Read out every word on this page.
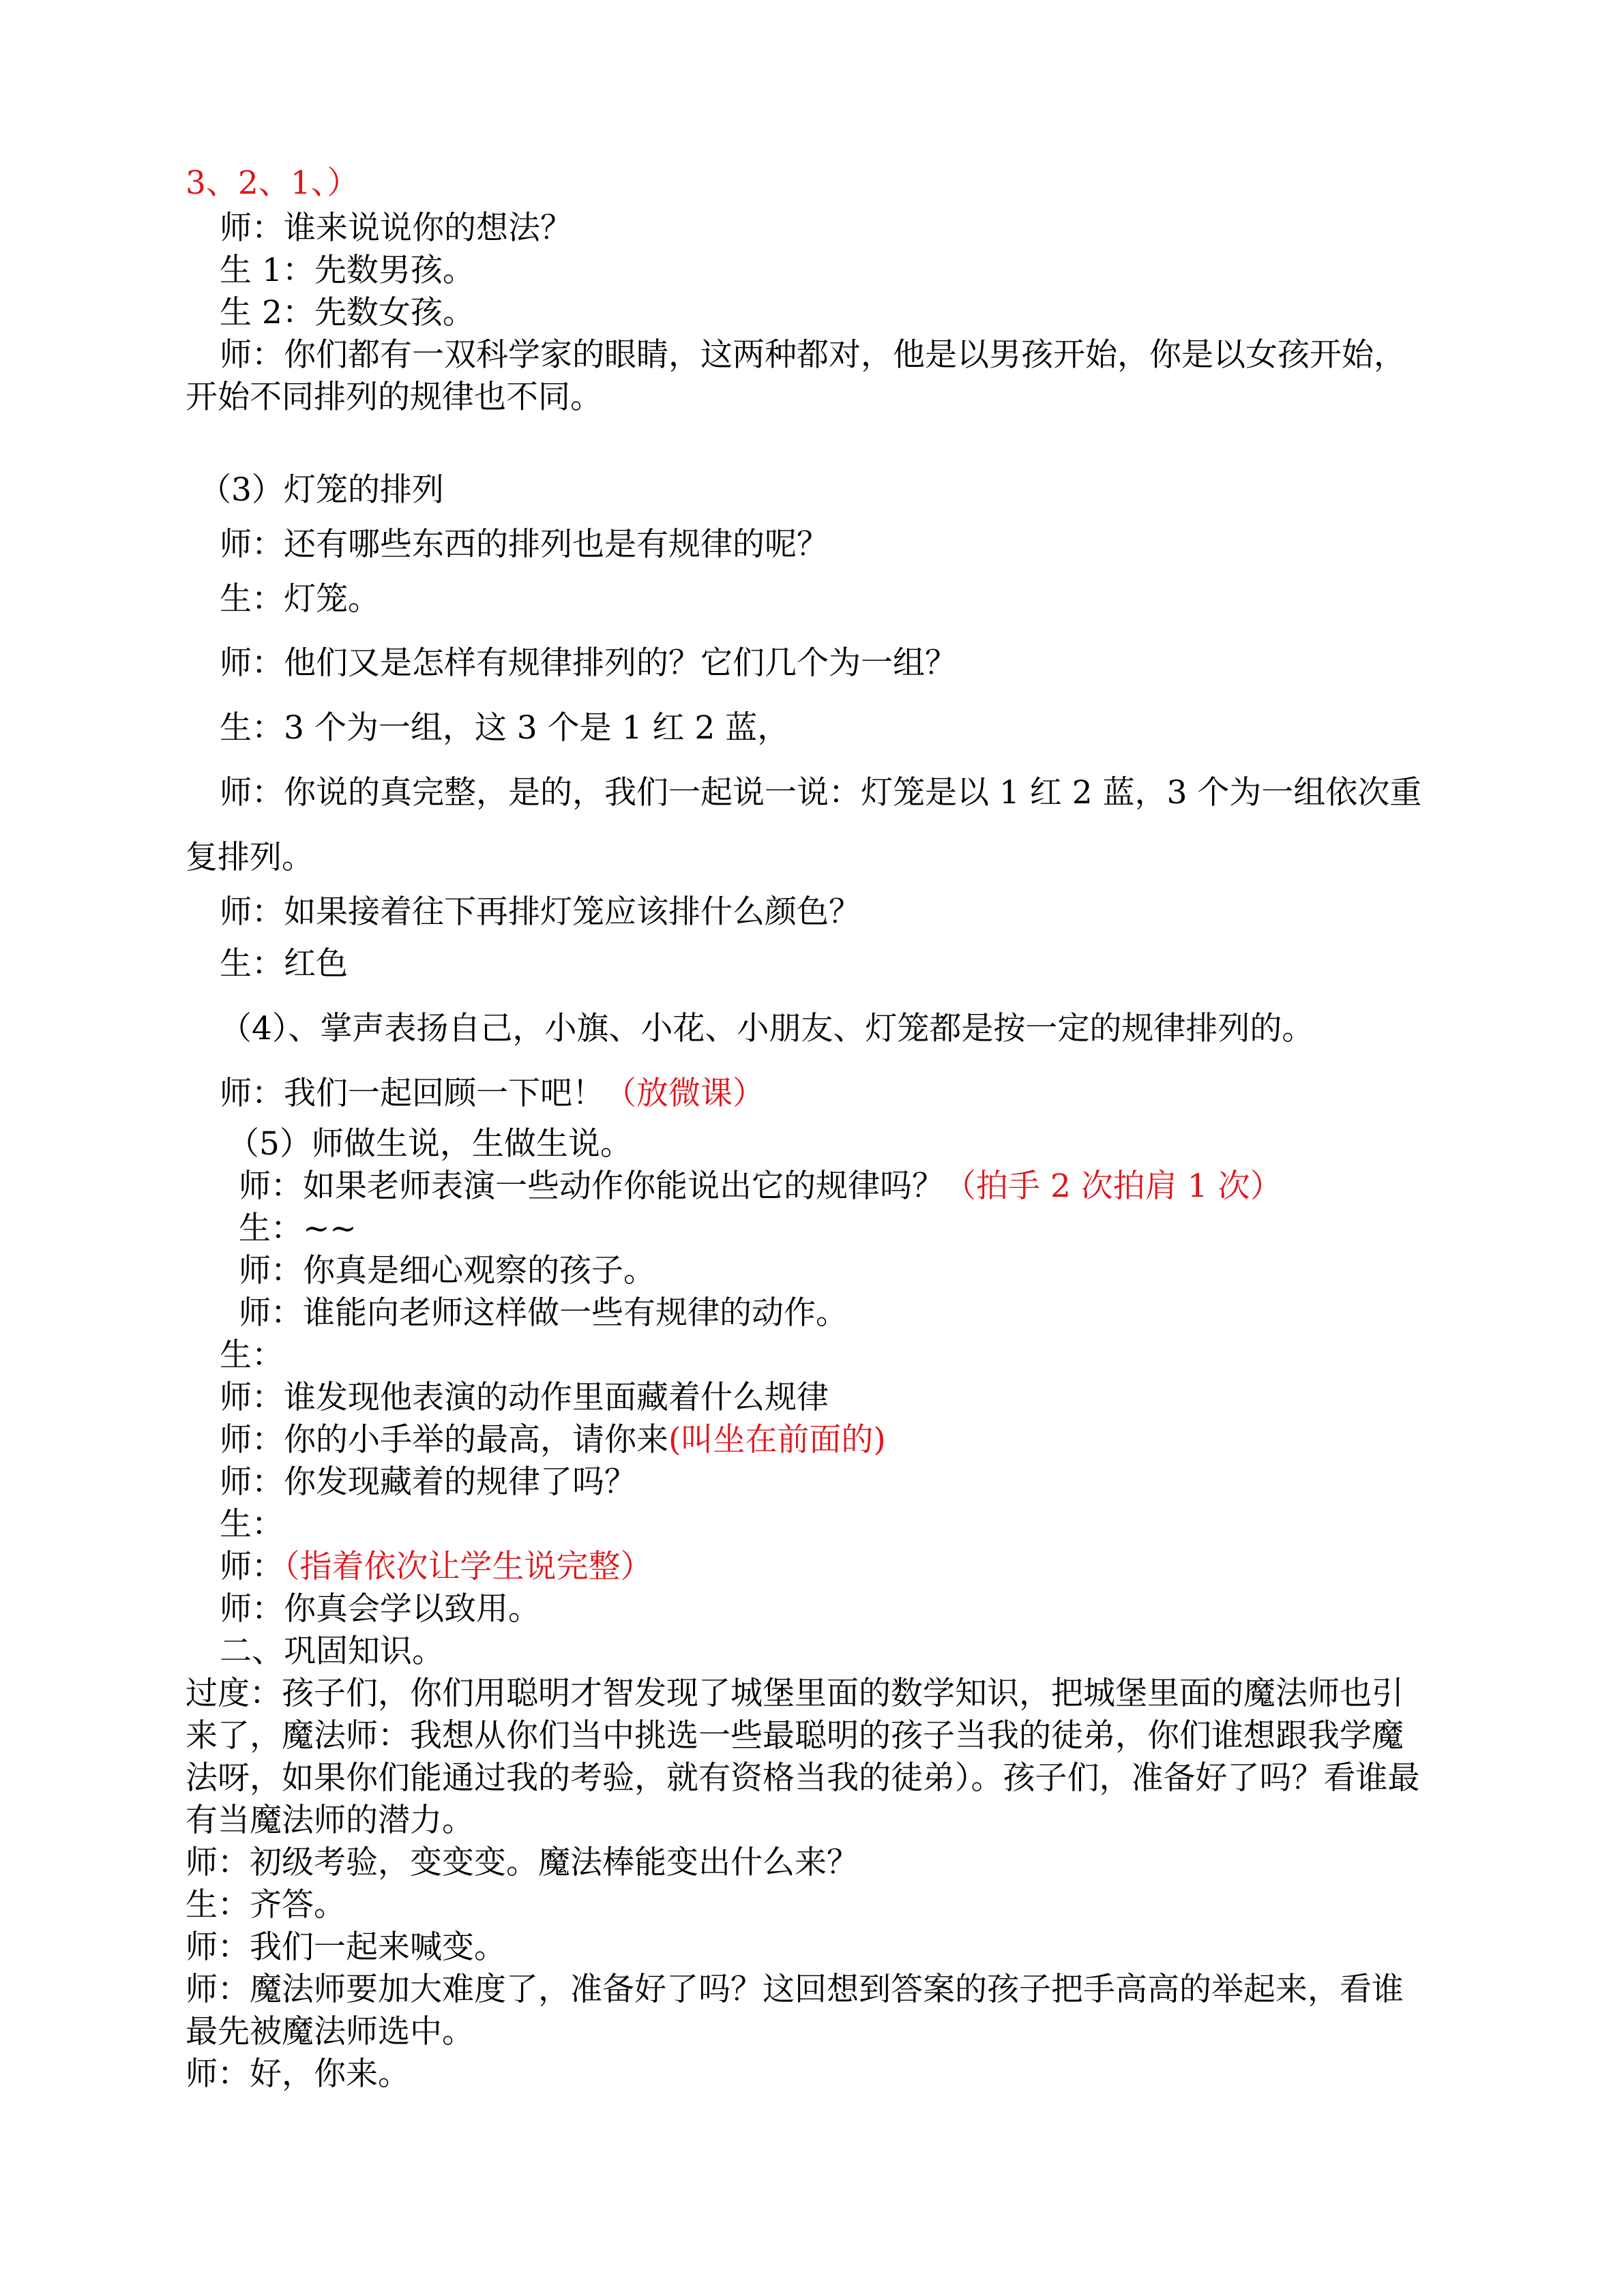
3、2、1、）

师：谁来说说你的想法？

生 1：先数男孩。

生 2：先数女孩。

师：你们都有一双科学家的眼睛，这两种都对，他是以男孩开始，你是以女孩开始，

开始不同排列的规律也不同。

（3）灯笼的排列

师：还有哪些东西的排列也是有规律的呢？

生：灯笼。

师：他们又是怎样有规律排列的？它们几个为一组？

生：3 个为一组，这 3 个是 1 红 2 蓝，

师：你说的真完整，是的，我们一起说一说：灯笼是以 1 红 2 蓝，3 个为一组依次重

复排列。

师：如果接着往下再排灯笼应该排什么颜色？

生：红色

（4）、掌声表扬自己，小旗、小花、小朋友、灯笼都是按一定的规律排列的。

师：我们一起回顾一下吧！（放微课）

（5）师做生说，生做生说。

师：如果老师表演一些动作你能说出它的规律吗？（拍手 2 次拍肩 1 次）

生：~~

师：你真是细心观察的孩子。

师：谁能向老师这样做一些有规律的动作。

生：

师：谁发现他表演的动作里面藏着什么规律

师：你的小手举的最高，请你来(叫坐在前面的)

师：你发现藏着的规律了吗？

生：

师：（指着依次让学生说完整）

师：你真会学以致用。

二、巩固知识。

过度：孩子们，你们用聪明才智发现了城堡里面的数学知识，把城堡里面的魔法师也引

来了，魔法师：我想从你们当中挑选一些最聪明的孩子当我的徒弟，你们谁想跟我学魔

法呀，如果你们能通过我的考验，就有资格当我的徒弟）。孩子们，准备好了吗？看谁最

有当魔法师的潜力。

师：初级考验，变变变。魔法棒能变出什么来？

生：齐答。

师：我们一起来喊变。

师：魔法师要加大难度了，准备好了吗？这回想到答案的孩子把手高高的举起来，看谁

最先被魔法师选中。

师：好，你来。
